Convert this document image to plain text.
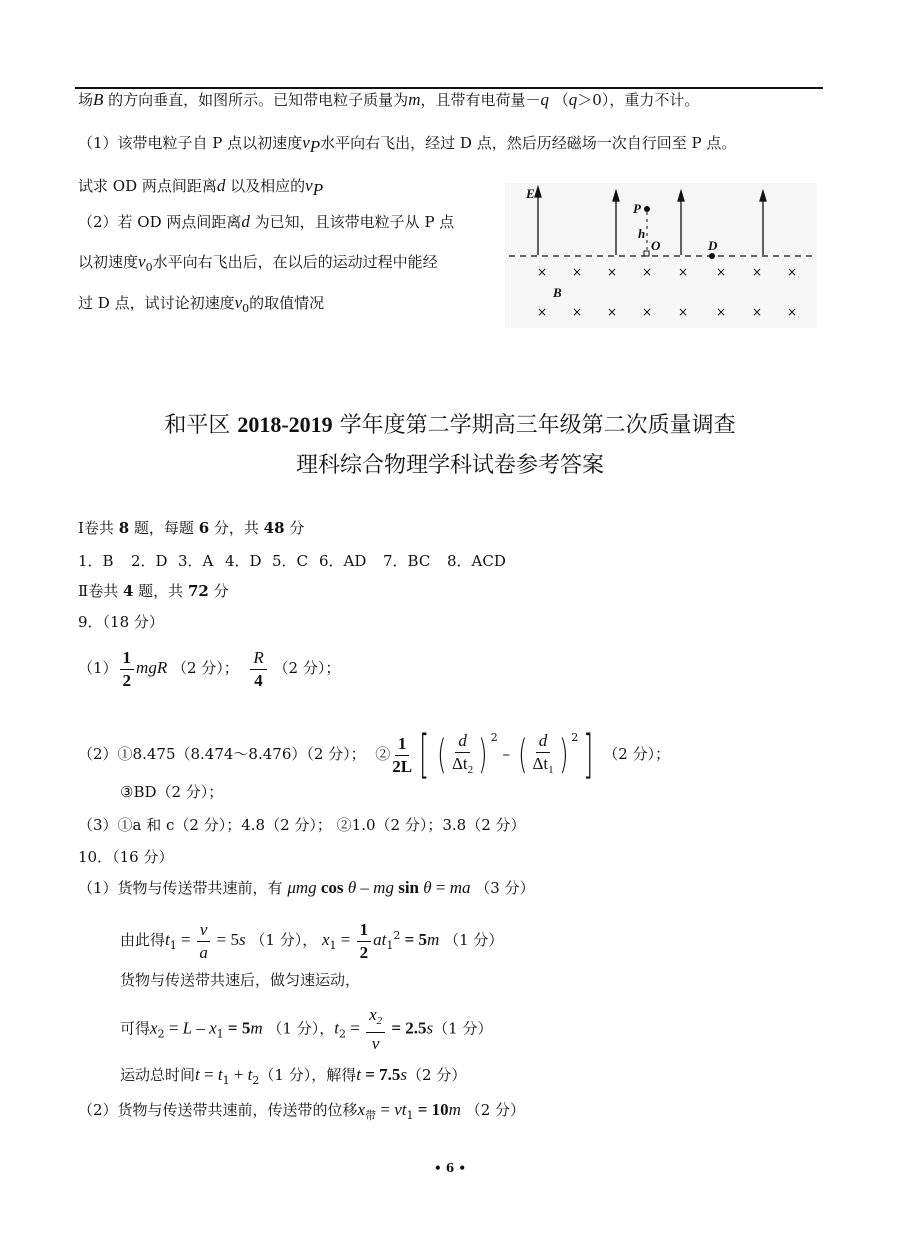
场B 的方向垂直，如图所示。已知带电粒子质量为m，且带有电荷量－q （q＞0），重力不计。
（1）该带电粒子自 P 点以初速度$v_P$水平向右飞出，经过 D 点，然后历经磁场一次自行回至 P 点。
试求 OD 两点间距离d 以及相应的$v_P$
（2）若 OD 两点间距离d 为已知，且该带电粒子从 P 点
以初速度$v_0$水平向右飞出后，在以后的运动过程中能经
过 D 点，试讨论初速度$v_0$的取值情况
E
P
h
O	D
B
× × × × × × × ×
× × × × × × × ×
和平区 2018-2019 学年度第二学期高三年级第二次质量调查
理科综合物理学科试卷参考答案
Ⅰ卷共 8 题，每题 6 分，共 48 分
1．B 2．D 3．A 4．D 5．C 6．AD 7．BC 8．ACD
Ⅱ卷共 4 题，共 72 分
9．（18 分）
$(1) \frac{1}{2}$ mgR （2 分）； $\frac{R}{4} (2$ 分）；
（2）①8.475（8.474～8.476）（2 分）； ② $\frac{1}{2L}$ [ ( $\frac{d}{\Delta t_2}$ ) $^2$ – ( $\frac{d}{\Delta t_1}$ ) $^2$] （2 分）；
③BD（2 分）；
（3）①a 和 c（2 分）；4.8（2 分）； ②1.0（2 分）；3.8（2 分）
10．（16 分）
（1）货物与传送带共速前，有 μmg cos θ – mg sin θ = ma （3 分）
由此得$t_1 = \frac{v}{a} = 5s$ （1 分）， $x_1 = \frac{1}{2} at_1^2 = 5m$ （1 分）
货物与传送带共速后，做匀速运动，
可得$x_2 = L - x_1 = 5m$ （1 分），$t_2 = \frac{x_2}{v} = 2.5s(1$ 分）
运动总时间$t = t_1 + t_2(1$ 分），解得t = 7.5s（2 分）
（2）货物与传送带共速前，传送带的位移$x_带 = vt_1 = 10m$ （2 分）
• 6 •
